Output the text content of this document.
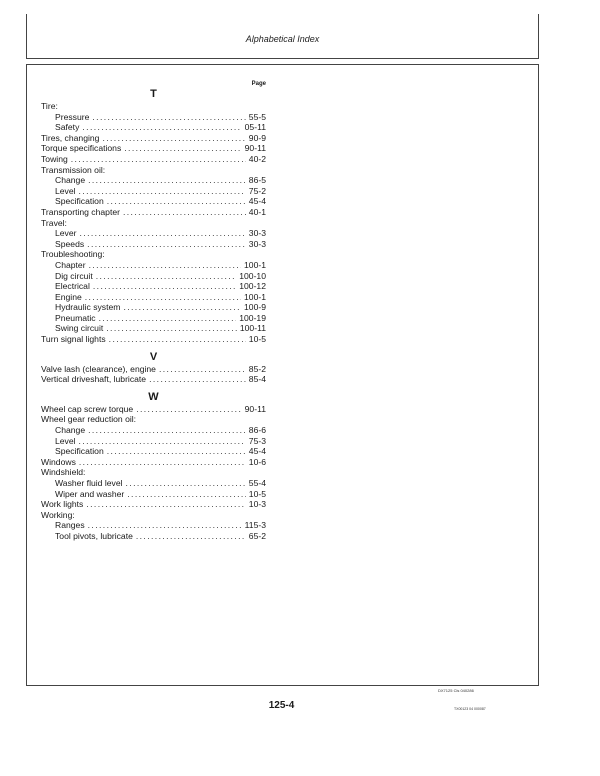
Alphabetical Index
Page
T
Tire:
Pressure .....	55-5
Safety .....	05-11
Tires, changing .....	90-9
Torque specifications .....	90-11
Towing .....	40-2
Transmission oil:
Change .....	86-5
Level .....	75-2
Specification .....	45-4
Transporting chapter .....	40-1
Travel:
Lever .....	30-3
Speeds .....	30-3
Troubleshooting:
Chapter .....	100-1
Dig circuit .....	100-10
Electrical .....	100-12
Engine .....	100-1
Hydraulic system .....	100-9
Pneumatic .....	100-19
Swing circuit .....	100-11
Turn signal lights .....	10-5
V
Valve lash (clearance), engine .....	85-2
Vertical driveshaft, lubricate .....	85-4
W
Wheel cap screw torque .....	90-11
Wheel gear reduction oil:
Change .....	86-6
Level .....	75-3
Specification .....	45-4
Windows .....	10-6
Windshield:
Washer fluid level .....	55-4
Wiper and washer .....	10-5
Work lights .....	10-3
Working:
Ranges .....	115-3
Tool pivots, lubricate .....	65-2
DX7125 Cls 040286
125-4	TX00123 04 000087
